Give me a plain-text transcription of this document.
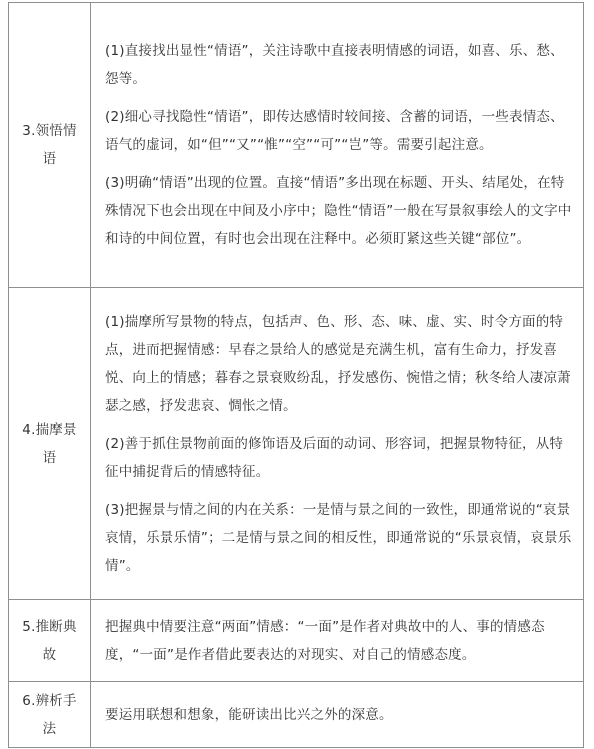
3.领悟情语	(1)直接找出显性“情语”，关注诗歌中直接表明情感的词语，如喜、乐、愁、怨等。

(2)细心寻找隐性“情语”，即传达感情时较间接、含蓄的词语，一些表情态、语气的虚词，如“但”“又”“惟”“空”“可”“岂”等。需要引起注意。

(3)明确“情语”出现的位置。直接“情语”多出现在标题、开头、结尾处，在特殊情况下也会出现在中间及小序中；隐性“情语”一般在写景叙事绘人的文字中和诗的中间位置，有时也会出现在注释中。必须盯紧这些关键“部位”。

4.揣摩景语	(1)揣摩所写景物的特点，包括声、色、形、态、味、虚、实、时令方面的特点，进而把握情感：早春之景给人的感觉是充满生机，富有生命力，抒发喜悦、向上的情感；暮春之景衰败纷乱，抒发感伤、惋惜之情；秋冬给人凄凉萧瑟之感，抒发悲哀、惆怅之情。

(2)善于抓住景物前面的修饰语及后面的动词、形容词，把握景物特征，从特征中捕捉背后的情感特征。

(3)把握景与情之间的内在关系：一是情与景之间的一致性，即通常说的“哀景哀情，乐景乐情”；二是情与景之间的相反性，即通常说的“乐景哀情，哀景乐情”。

5.推断典故	把握典中情要注意“两面”情感：“一面”是作者对典故中的人、事的情感态度，“一面”是作者借此要表达的对现实、对自己的情感态度。

6.辨析手法	要运用联想和想象，能研读出比兴之外的深意。
